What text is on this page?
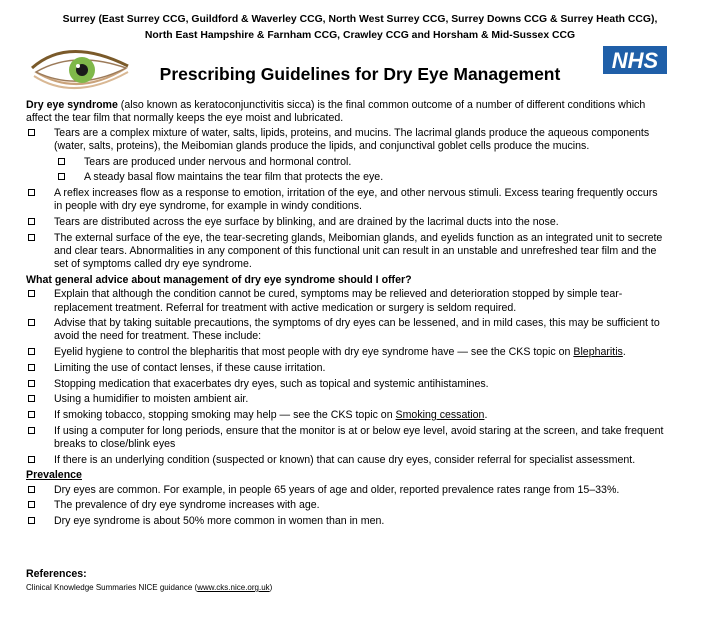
Surrey (East Surrey CCG, Guildford & Waverley CCG, North West Surrey CCG, Surrey Downs CCG & Surrey Heath CCG),
North East Hampshire & Farnham CCG, Crawley CCG and Horsham & Mid-Sussex CCG
NHS
Prescribing Guidelines for Dry Eye Management

Dry eye syndrome (also known as keratoconjunctivitis sicca) is the final common outcome of a number of different conditions which affect the tear film that normally keeps the eye moist and lubricated.

Tears are a complex mixture of water, salts, lipids, proteins, and mucins. The lacrimal glands produce the aqueous components (water, salts, proteins), the Meibomian glands produce the lipids, and conjunctival goblet cells produce the mucins.
Tears are produced under nervous and hormonal control.
A steady basal flow maintains the tear film that protects the eye.
A reflex increases flow as a response to emotion, irritation of the eye, and other nervous stimuli. Excess tearing frequently occurs in people with dry eye syndrome, for example in windy conditions.
Tears are distributed across the eye surface by blinking, and are drained by the lacrimal ducts into the nose.
The external surface of the eye, the tear-secreting glands, Meibomian glands, and eyelids function as an integrated unit to secrete and clear tears. Abnormalities in any component of this functional unit can result in an unstable and unrefreshed tear film and the set of symptoms called dry eye syndrome.
What general advice about management of dry eye syndrome should I offer?
Explain that although the condition cannot be cured, symptoms may be relieved and deterioration stopped by simple tear-replacement treatment. Referral for treatment with active medication or surgery is seldom required.
Advise that by taking suitable precautions, the symptoms of dry eyes can be lessened, and in mild cases, this may be sufficient to avoid the need for treatment. These include:
Eyelid hygiene to control the blepharitis that most people with dry eye syndrome have — see the CKS topic on Blepharitis.
Limiting the use of contact lenses, if these cause irritation.
Stopping medication that exacerbates dry eyes, such as topical and systemic antihistamines.
Using a humidifier to moisten ambient air.
If smoking tobacco, stopping smoking may help — see the CKS topic on Smoking cessation.
If using a computer for long periods, ensure that the monitor is at or below eye level, avoid staring at the screen, and take frequent breaks to close/blink eyes
If there is an underlying condition (suspected or known) that can cause dry eyes, consider referral for specialist assessment.
Prevalence
Dry eyes are common. For example, in people 65 years of age and older, reported prevalence rates range from 15–33%.
The prevalence of dry eye syndrome increases with age.
Dry eye syndrome is about 50% more common in women than in men.
References:
Clinical Knowledge Summaries NICE guidance (www.cks.nice.org.uk)
